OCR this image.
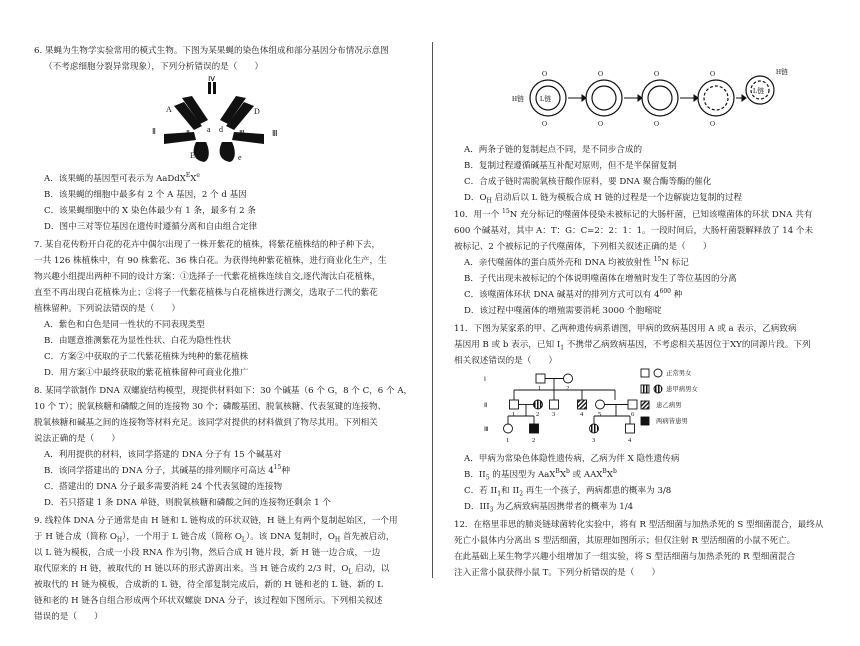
6. 果蝇为生物学实验常用的模式生物。下图为某果蝇的染色体组成和部分基因分布情况示意图
（不考虑细胞分裂异常现象），下列分析错误的是（　　）
Ⅳ
A	D
a d
Ⅱ	Ⅱ	Ⅲ	Ⅲ
E	e
A．该果蝇的基因型可表示为 AaDdX$^E$Xe
B．该果蝇的细胞中最多有 2 个 A 基因，2 个 d 基因
C．该果蝇细胞中的 X 染色体最少有 1 条，最多有 2 条
D．图中三对等位基因在遗传时遵循分离和自由组合定律
7. 某自花传粉开白花的花卉中偶尔出现了一株开紫花的植株，将紫花植株结的种子种下去，
一共 126 株植株中，有 90 株紫花、36 株白花。为获得纯种紫花植株，进行商业化生产，生
物兴趣小组提出两种不同的设计方案：①选择子一代紫花植株连续自交,逐代淘汰白花植株，
直至不再出现白花植株为止；②将子一代紫花植株与白花植株进行测交，选取子二代的紫花
植株留种。下列说法错误的是（　　）
A．紫色和白色是同一性状的不同表现类型
B．由题意推测紫花为显性性状、白花为隐性性状
C．方案②中获取的子二代紫花植株为纯种的紫花植株
D．用方案①中最终获取的紫花植株留种可商业化推广
8. 某同学欲制作 DNA 双螺旋结构模型，现提供材料如下：30 个碱基（6 个 G，8 个 C，6 个 A，
10 个 T）；脱氧核糖和磷酸之间的连接物 30 个；磷酸基团、脱氧核糖、代表氢键的连接物、
脱氧核糖和碱基之间的连接物等材料充足。该同学对提供的材料做到了物尽其用。下列相关
说法正确的是（　　）
A．利用提供的材料，该同学搭建的 DNA 分子有 15 个碱基对
B．该同学搭建出的 DNA 分子，其碱基的排列顺序可高达 $4^{15}$种
C．搭建出的 DNA 分子最多需要消耗 24 个代表氢键的连接物
D．若只搭建 1 条 DNA 单链，则脱氧核糖和磷酸之间的连接物还剩余 1 个
9. 线粒体 DNA 分子通常是由 H 链和 L 链构成的环状双链，H 链上有两个复制起始区，一个用
于 H 链合成（简称 $O_H$），一个用于 L 链合成（简称 $O_L$）。该 DNA 复制时，$O_H$ 首先被启动，
以 L 链为模板，合成一小段 RNA 作为引物，然后合成 H 链片段，新 H 链一边合成，一边
取代原来的 H 链，被取代的 H 链以环的形式游离出来。当 H 链合成约 2/3 时，$O_L$ 启动，以
被取代的 H 链为模板，合成新的 L 链，待全部复制完成后，新的 H 链和老的 L 链、新的 L
链和老的 H 链各自组合形成两个环状双螺旋 DNA 分子，该过程如下图所示。下列相关叙述
错误的是（　　）
H链 L链
O
O
O
O
O
O
O
O
L链
H链
A．两条子链的复制起点不同，是不同步合成的
B．复制过程遵循碱基互补配对原则，但不是半保留复制
C．合成子链时需脱氧核苷酸作原料，要 DNA 聚合酶等酶的催化
D．$O_H$ 启动后以 L 链为模板合成 H 链的过程是一个边解旋边复制的过程
10．用一个 $^{15}$N 充分标记的噬菌体侵染未被标记的大肠杆菌，已知该噬菌体的环状 DNA 共有
600 个碱基对，其中 A：T：G：C=2：2：1：1。一段时间后，大肠杆菌裂解释放了 14 个未
被标记、2 个被标记的子代噬菌体，下列相关叙述正确的是（　　）
A．亲代噬菌体的蛋白质外壳和 DNA 均被放射性 $^{15}$N 标记
B．子代出现未被标记的个体说明噬菌体在增殖时发生了等位基因的分离
C．该噬菌体环状 DNA 碱基对的排列方式可以有 $4^{600}$ 种
D．该过程中噬菌体的增殖需要消耗 3000 个胞嘧啶
11．下图为某家系的甲、乙两种遗传病系谱图，甲病的致病基因用 A 或 a 表示，乙病致病
基因用 B 或 b 表示，已知 $I_1$ 不携带乙病致病基因，不考虑相关基因位于XY的同源片段。下列
相关叙述错误的是（　　）
Ⅰ
Ⅱ
Ⅲ
1	2
1	2 3	4 5	6
1	2	3	4
正常男女
患甲病男女
患乙病男
两病皆患男
A．甲病为常染色体隐性遗传病，乙病为伴 X 隐性遗传病
B．$II_5$ 的基因型为 $AaX^BX^b$ 或 $AAX^BX^b$
C．若 $II_1$和 $II_2$ 再生一个孩子，两病都患的概率为 3/8
D．$III_3$ 为乙病致病基因携带者的概率为 1/4
12．在格里菲思的肺炎链球菌转化实验中，将有 R 型活细菌与加热杀死的 S 型细菌混合，最终从
死亡小鼠体内分离出 S 型活细菌，其原理如图所示；但仅注射 R 型活细菌的小鼠不死亡。
在此基础上某生物学兴趣小组增加了一组实验，将 S 型活细菌与加热杀死的 R 型细菌混合
注入正常小鼠获得小鼠 T。下列分析错误的是（　　）
